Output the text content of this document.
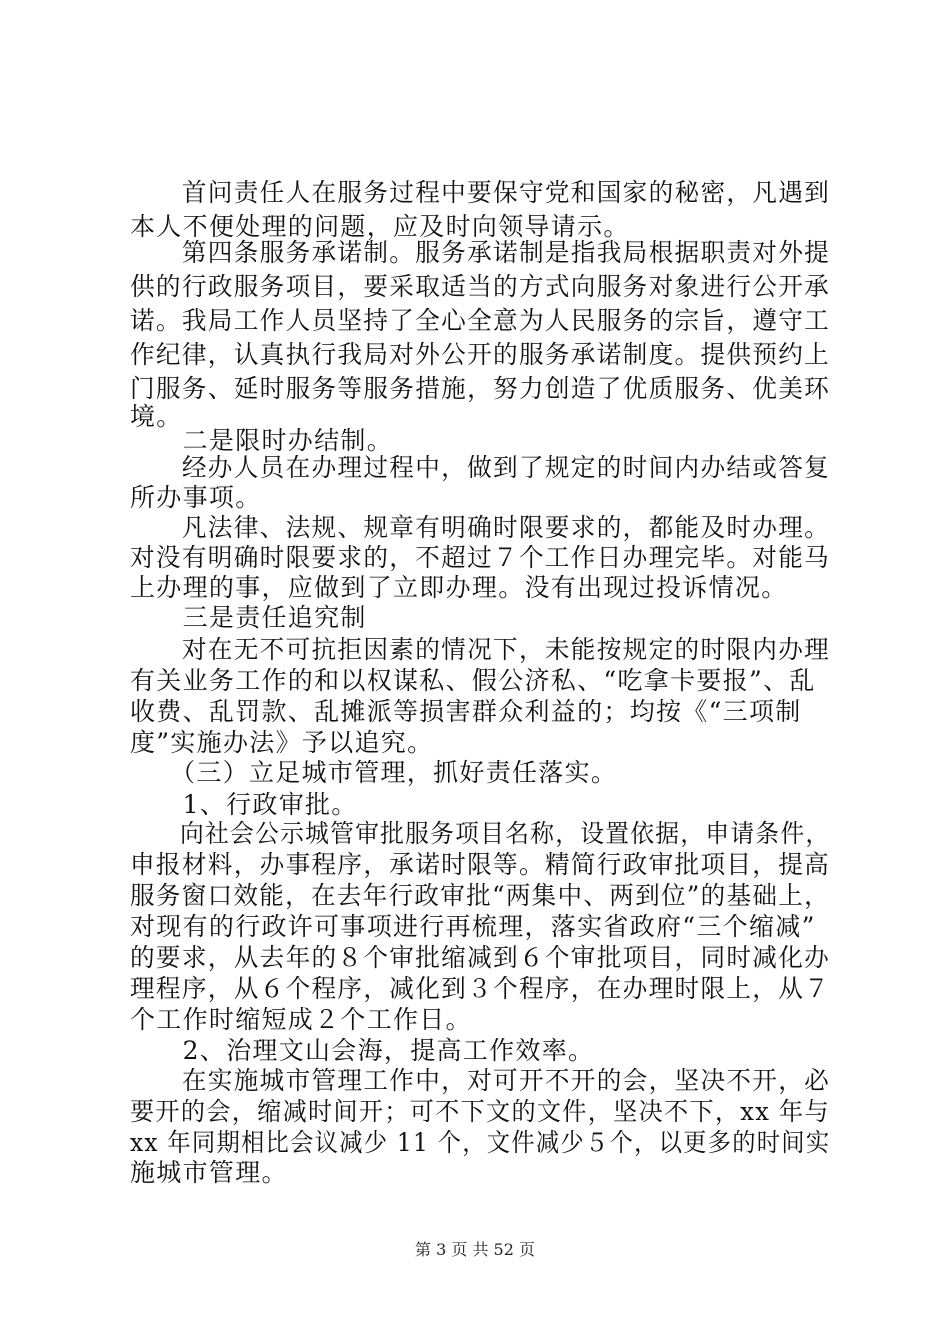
　　首问责任人在服务过程中要保守党和国家的秘密，凡遇到
本人不便处理的问题，应及时向领导请示。
　　第四条服务承诺制。服务承诺制是指我局根据职责对外提
供的行政服务项目，要采取适当的方式向服务对象进行公开承
诺。我局工作人员坚持了全心全意为人民服务的宗旨，遵守工
作纪律，认真执行我局对外公开的服务承诺制度。提供预约上
门服务、延时服务等服务措施，努力创造了优质服务、优美环
境。
　　二是限时办结制。
　　经办人员在办理过程中，做到了规定的时间内办结或答复
所办事项。
　　凡法律、法规、规章有明确时限要求的，都能及时办理。
对没有明确时限要求的，不超过７个工作日办理完毕。对能马
上办理的事，应做到了立即办理。没有出现过投诉情况。
　　三是责任追究制
　　对在无不可抗拒因素的情况下，未能按规定的时限内办理
有关业务工作的和以权谋私、假公济私、“吃拿卡要报”、乱
收费、乱罚款、乱摊派等损害群众利益的；均按《“三项制
度”实施办法》予以追究。
　　（三）立足城市管理，抓好责任落实。
　　1、行政审批。
　　向社会公示城管审批服务项目名称，设置依据，申请条件，
申报材料，办事程序，承诺时限等。精简行政审批项目，提高
服务窗口效能，在去年行政审批“两集中、两到位”的基础上，
对现有的行政许可事项进行再梳理，落实省政府“三个缩减”
的要求，从去年的８个审批缩减到６个审批项目，同时减化办
理程序，从６个程序，减化到３个程序，在办理时限上，从７
个工作时缩短成２个工作日。
　　2、治理文山会海，提高工作效率。
　　在实施城市管理工作中，对可开不开的会，坚决不开，必
要开的会，缩减时间开；可不下文的文件，坚决不下，xx 年与
xx 年同期相比会议减少 11 个，文件减少５个，以更多的时间实
施城市管理。
第 3 页 共 52 页
